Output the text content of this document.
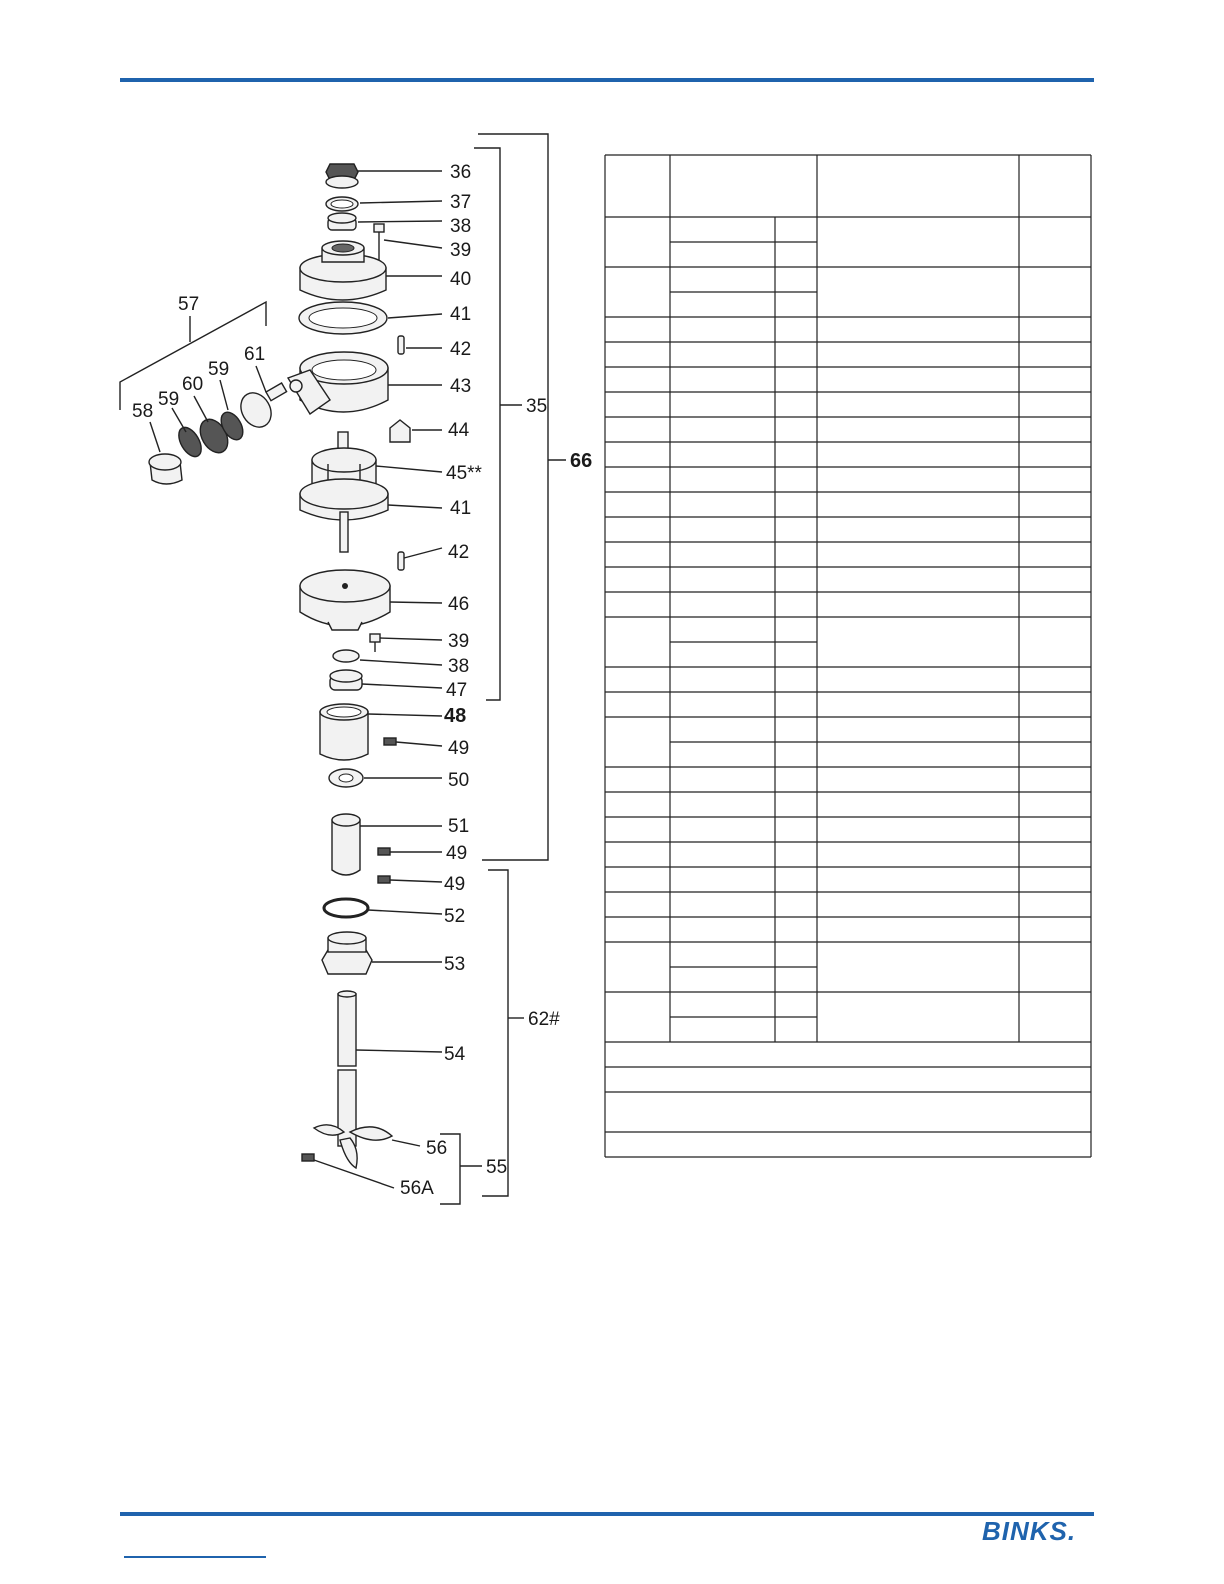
36
37
38
39
40
41
42
43
44
45**
41
42
46
39
38
47
48
49
50
51
49
49
52
53
54
56
56A
55
62#
35
66
57
58
59
60
59
61
BINKS.
